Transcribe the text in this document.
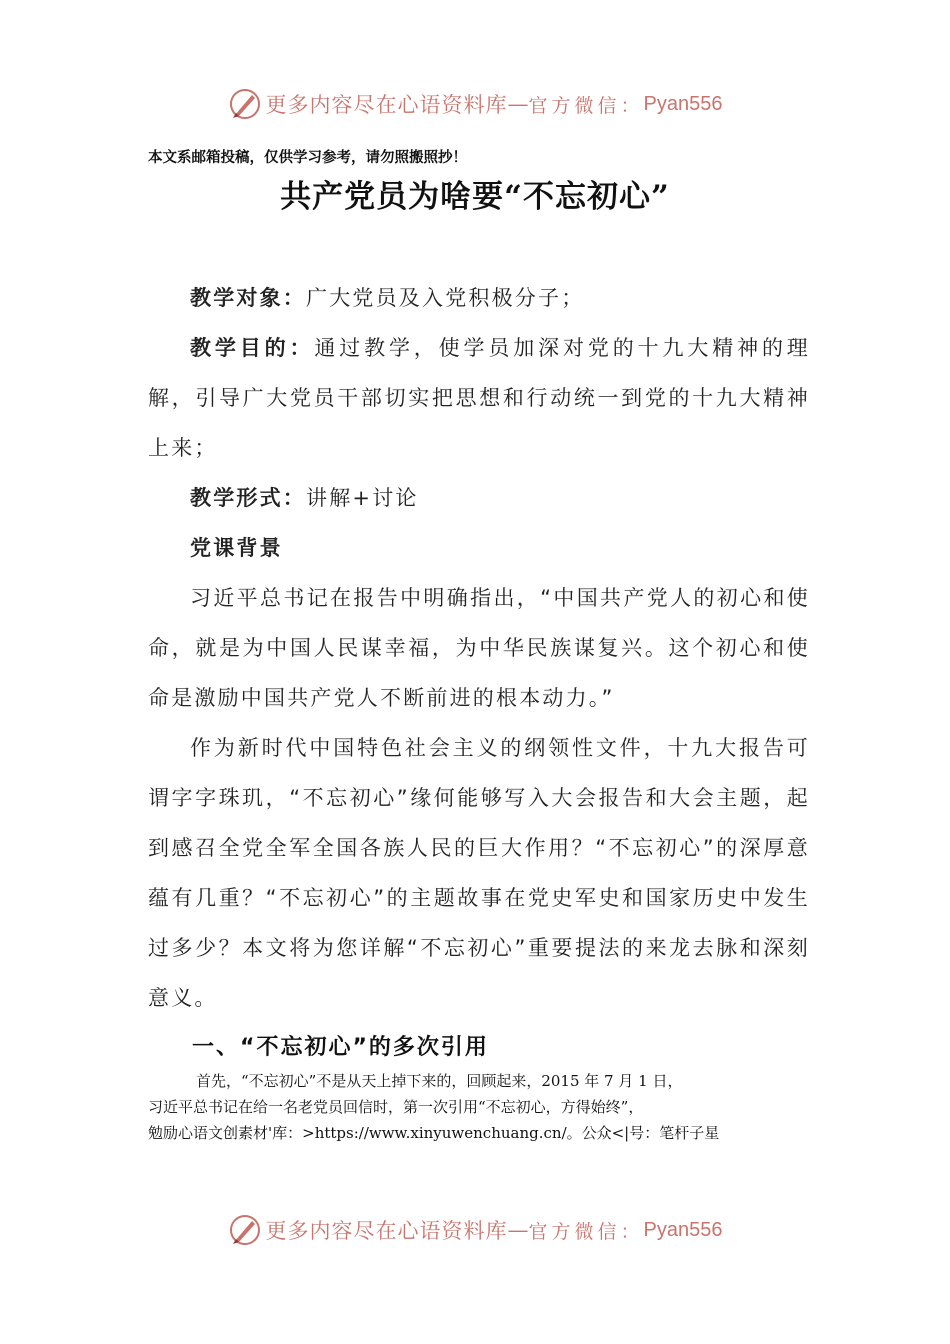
更多内容尽在心语资料库 — 官方微信： Pyan556
本文系邮箱投稿，仅供学习参考，请勿照搬照抄！
共产党员为啥要“不忘初心”

教学对象：广大党员及入党积极分子；

教学目的：通过教学，使学员加深对党的十九大精神的理解，引导广大党员干部切实把思想和行动统一到党的十九大精神上来；

教学形式：讲解+讨论

党课背景

习近平总书记在报告中明确指出，“中国共产党人的初心和使命，就是为中国人民谋幸福，为中华民族谋复兴。这个初心和使命是激励中国共产党人不断前进的根本动力。”

作为新时代中国特色社会主义的纲领性文件，十九大报告可谓字字珠玑，“不忘初心”缘何能够写入大会报告和大会主题，起到感召全党全军全国各族人民的巨大作用？“不忘初心”的深厚意蕴有几重？“不忘初心”的主题故事在党史军史和国家历史中发生过多少？本文将为您详解“不忘初心”重要提法的来龙去脉和深刻意义。

一、“不忘初心”的多次引用

首先，“不忘初心”不是从天上掉下来的，回顾起来，2015 年 7 月 1 日，
习近平总书记在给一名老党员回信时，第一次引用“不忘初心，方得始终”，
勉励心语文创素材'库：>https://www.xinyuwenchuang.cn/。公众<|号：笔杆子星
更多内容尽在心语资料库 — 官方微信： Pyan556
